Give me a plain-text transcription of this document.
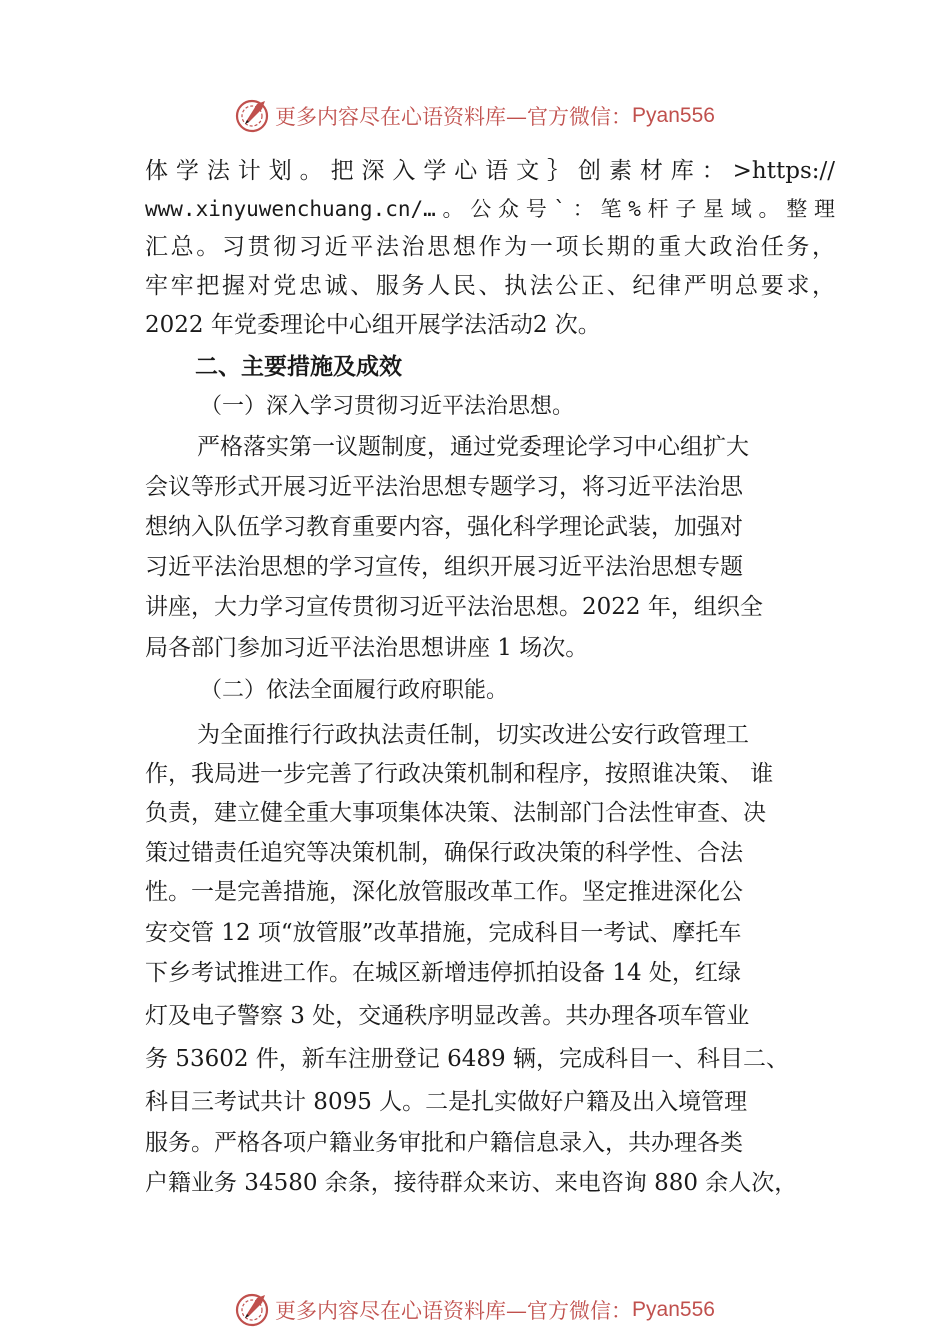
更多内容尽在心语资料库—官方微信： Pyan556
体学法计划。把深入学心语文｝创素材库：>https://
www.xinyuwenchuang.cn/…。公众号`：笔%杆子星域。整理
汇总。习贯彻习近平法治思想作为一项长期的重大政治任务，
牢牢把握对党忠诚、服务人民、执法公正、纪律严明总要求，
2022 年党委理论中心组开展学法活动2 次。
二、主要措施及成效
（一）深入学习贯彻习近平法治思想。
严格落实第一议题制度，通过党委理论学习中心组扩大
会议等形式开展习近平法治思想专题学习，将习近平法治思
想纳入队伍学习教育重要内容，强化科学理论武装，加强对
习近平法治思想的学习宣传，组织开展习近平法治思想专题
讲座，大力学习宣传贯彻习近平法治思想。2022 年，组织全
局各部门参加习近平法治思想讲座 1 场次。
（二）依法全面履行政府职能。
为全面推行行政执法责任制，切实改进公安行政管理工
作，我局进一步完善了行政决策机制和程序，按照谁决策、 谁
负责，建立健全重大事项集体决策、法制部门合法性审查、决
策过错责任追究等决策机制，确保行政决策的科学性、合法
性。一是完善措施，深化放管服改革工作。坚定推进深化公
安交管 12 项“放管服”改革措施，完成科目一考试、摩托车
下乡考试推进工作。在城区新增违停抓拍设备 14 处，红绿
灯及电子警察 3 处，交通秩序明显改善。共办理各项车管业
务 53602 件，新车注册登记 6489 辆，完成科目一、科目二、
科目三考试共计 8095 人。二是扎实做好户籍及出入境管理
服务。严格各项户籍业务审批和户籍信息录入，共办理各类
户籍业务 34580 余条，接待群众来访、来电咨询 880 余人次，
更多内容尽在心语资料库—官方微信： Pyan556
